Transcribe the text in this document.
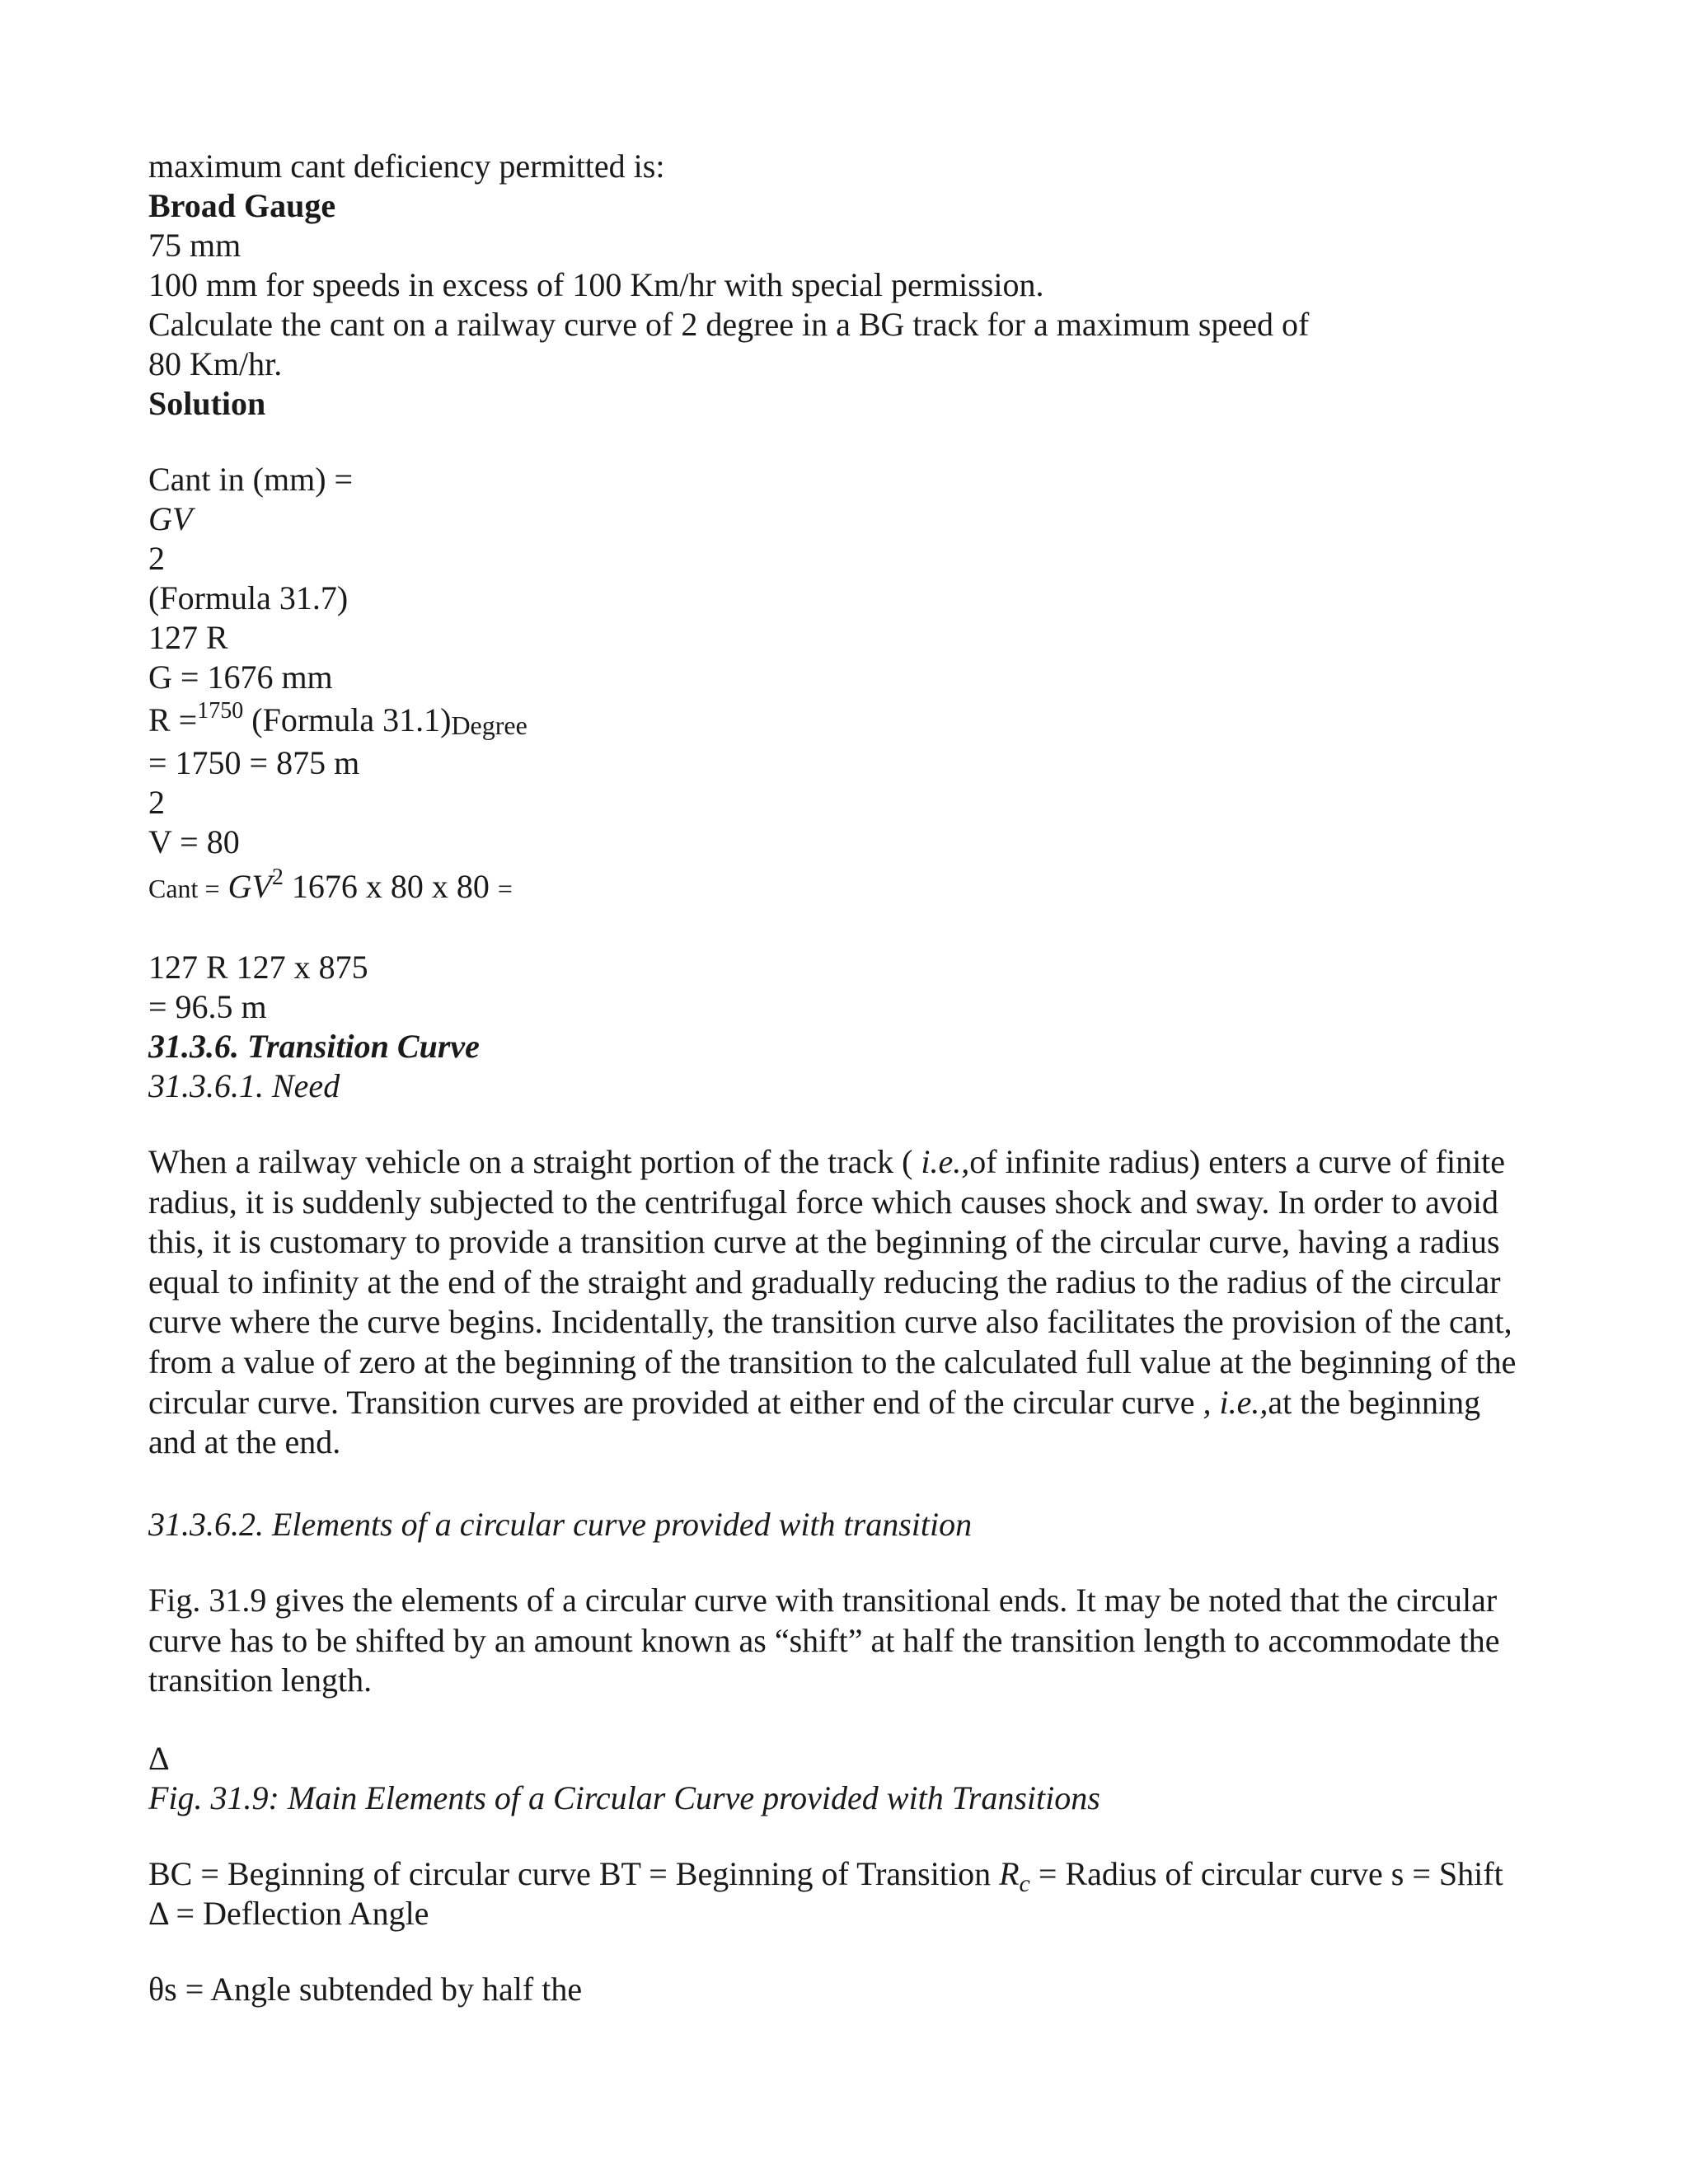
maximum cant deficiency permitted is:
Broad Gauge
75 mm
100 mm for speeds in excess of 100 Km/hr with special permission.
Calculate the cant on a railway curve of 2 degree in a BG track for a maximum speed of
80 Km/hr.
Solution
Cant in (mm) =
GV
2
(Formula 31.7)
127 R
G = 1676 mm
R =$^{1750}$ (Formula 31.1)Degree
= 1750 = 875 m
2
V = 80
Cant = $GV^2$ 1676 x 80 x 80 =
127 R 127 x 875
= 96.5 m
31.3.6. Transition Curve
31.3.6.1. Need
When a railway vehicle on a straight portion of the track ( i.e.,of infinite radius) enters a curve of finite
radius, it is suddenly subjected to the centrifugal force which causes shock and sway. In order to avoid
this, it is customary to provide a transition curve at the beginning of the circular curve, having a radius
equal to infinity at the end of the straight and gradually reducing the radius to the radius of the circular
curve where the curve begins. Incidentally, the transition curve also facilitates the provision of the cant,
from a value of zero at the beginning of the transition to the calculated full value at the beginning of the
circular curve. Transition curves are provided at either end of the circular curve , i.e.,at the beginning
and at the end.
31.3.6.2. Elements of a circular curve provided with transition
Fig. 31.9 gives the elements of a circular curve with transitional ends. It may be noted that the circular
curve has to be shifted by an amount known as “shift” at half the transition length to accommodate the
transition length.
Δ
Fig. 31.9: Main Elements of a Circular Curve provided with Transitions
BC = Beginning of circular curve BT = Beginning of Transition $R_c$ = Radius of circular curve s = Shift
Δ = Deflection Angle
θs = Angle subtended by half the
